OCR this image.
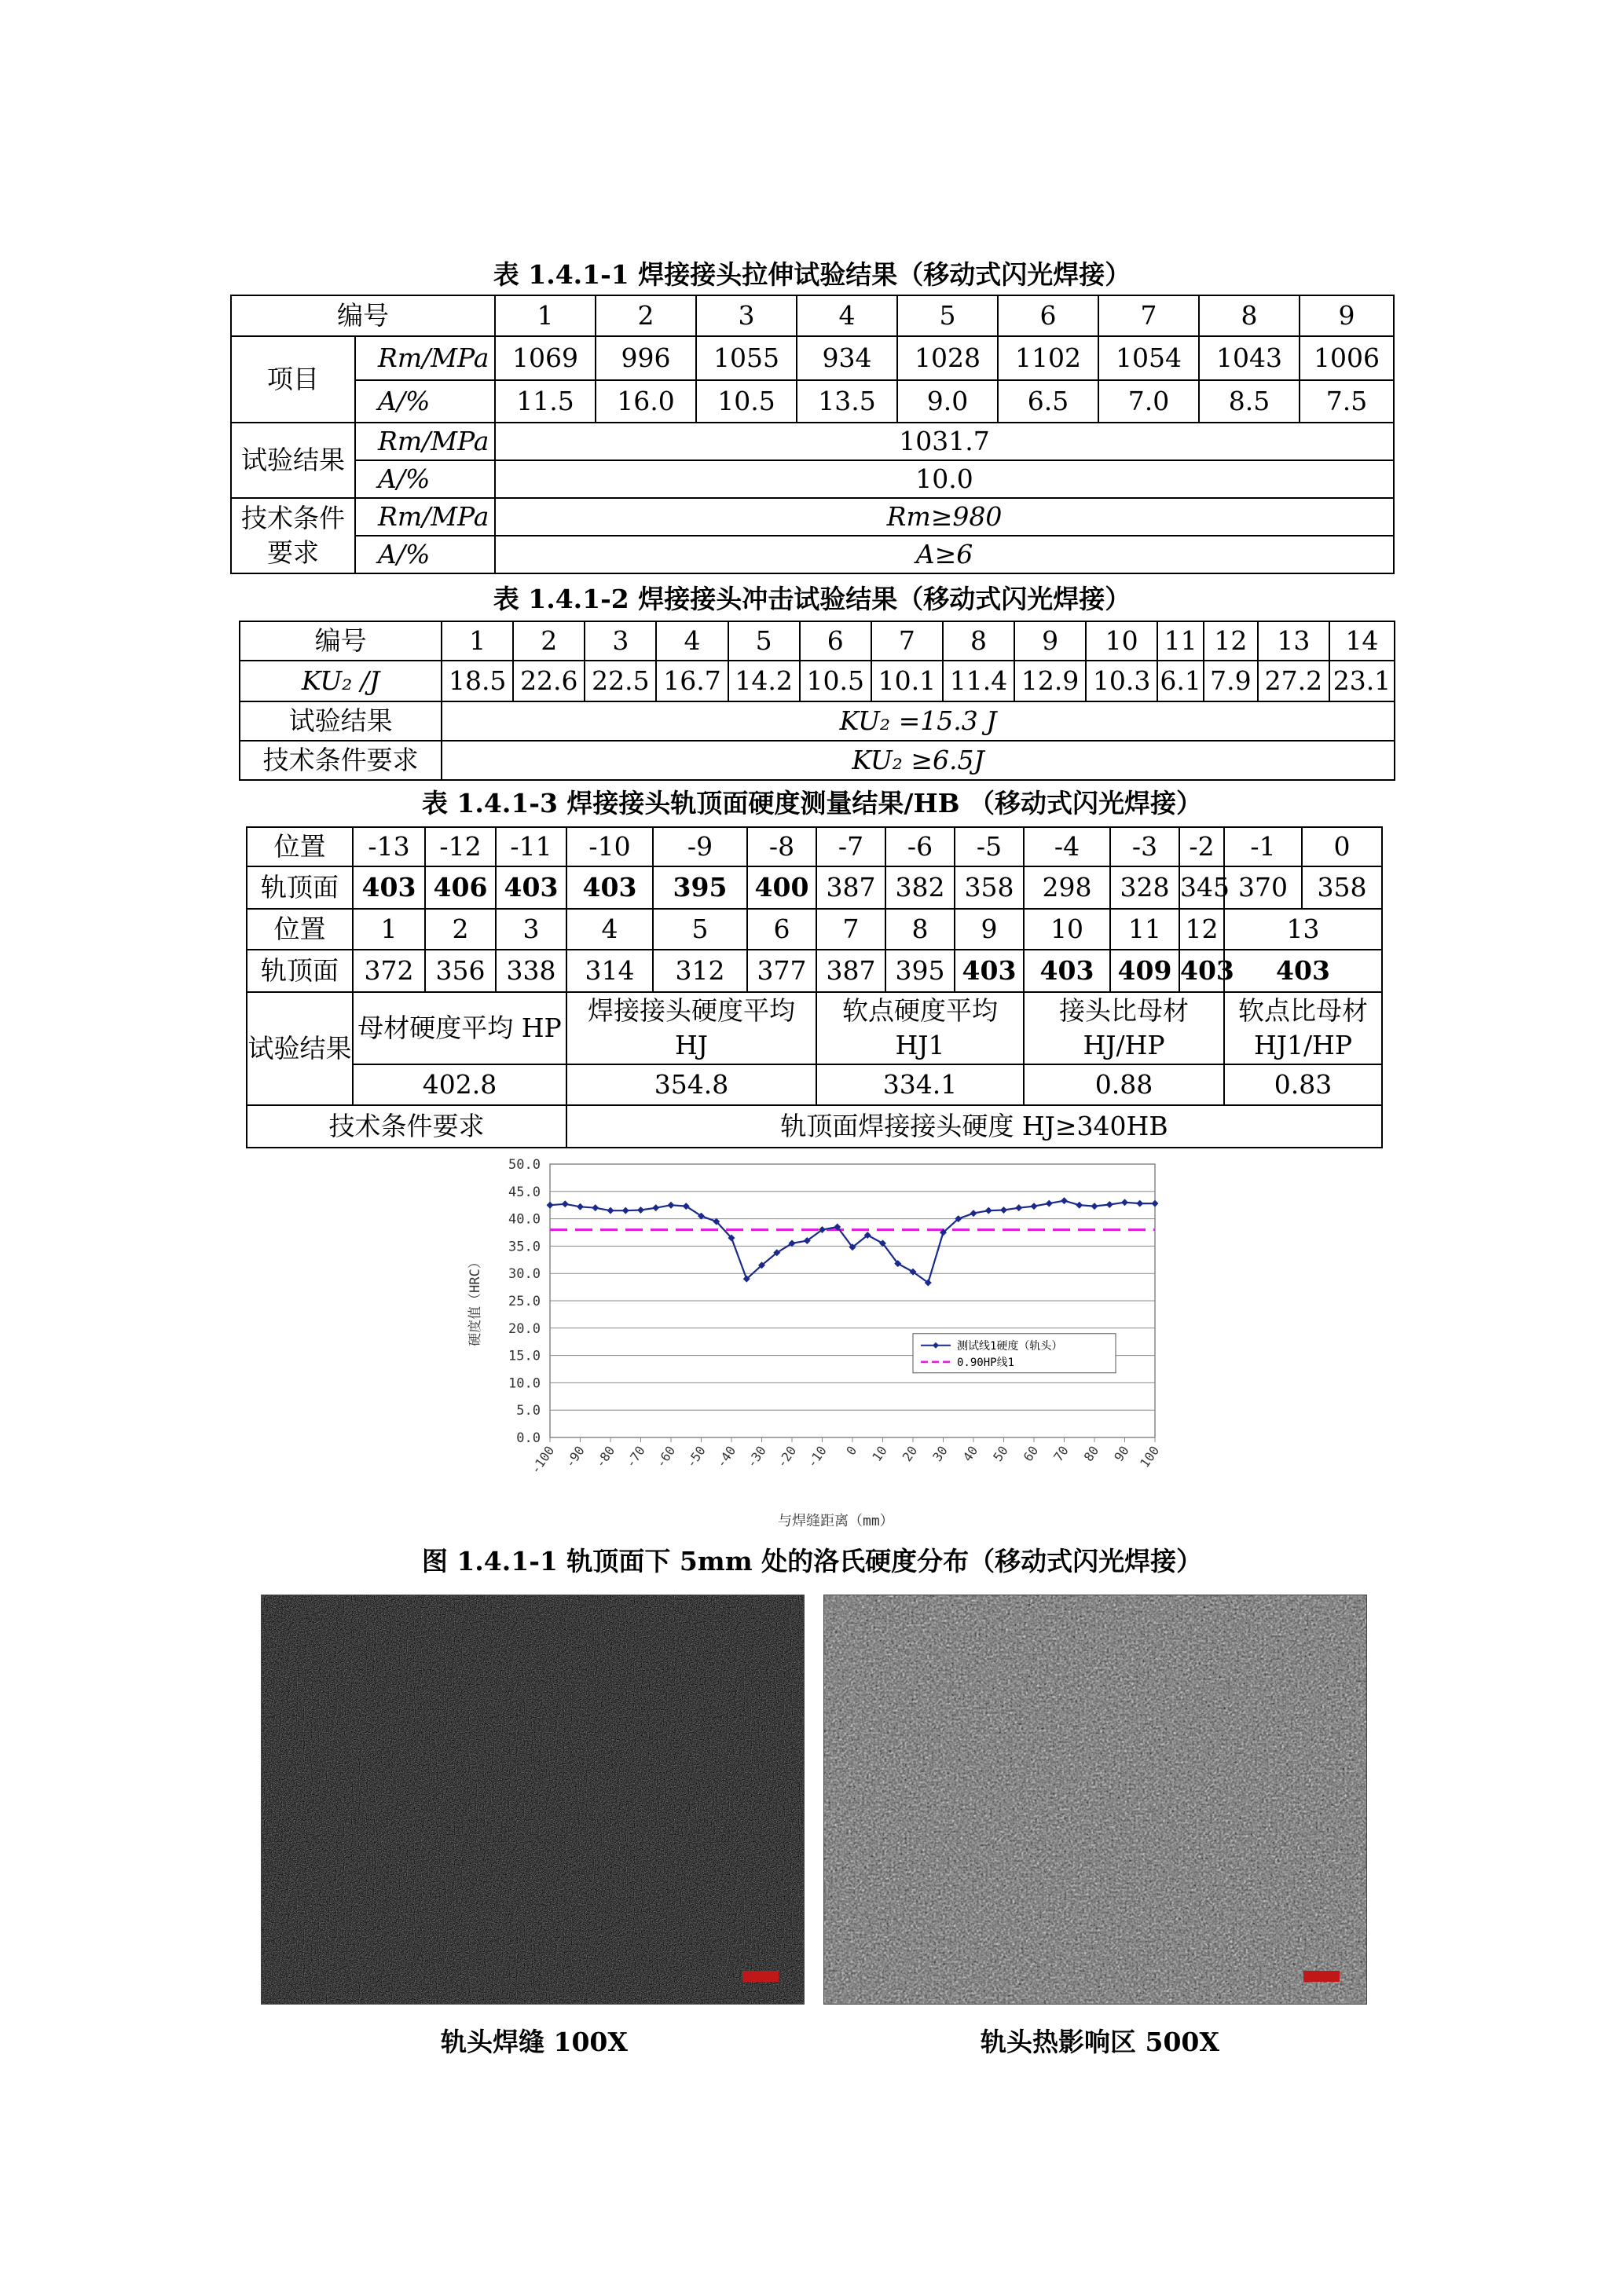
表 1.4.1-1 焊接接头拉伸试验结果（移动式闪光焊接）
编号		1	2	3	4	5	6	7	8	9
项目	Rm/MPa	1069	996	1055	934	1028	1102	1054	1043	1006
	A/%	11.5	16.0	10.5	13.5	9.0	6.5	7.0	8.5	7.5
试验结果	Rm/MPa	1031.7								
	A/%	10.0								
技术条件要求	Rm/MPa	Rm≥980								
	A/%	A≥6								
表 1.4.1-2 焊接接头冲击试验结果（移动式闪光焊接）
编号	1	2	3	4	5	6	7	8	9	10	11	12	13	14
KU₂ /J	18.5	22.6	22.5	16.7	14.2	10.5	10.1	11.4	12.9	10.3	6.1	7.9	27.2	23.1
试验结果	KU₂ =15.3 J													
技术条件要求	KU₂ ≥6.5J													
表 1.4.1-3 焊接接头轨顶面硬度测量结果/HB （移动式闪光焊接）
位置	-13	-12	-11	-10	-9	-8	-7	-6	-5	-4	-3	-2	-1	0
轨顶面	403	406	403	403	395	400	387	382	358	298	328	345	370	358
位置	1	2	3	4	5	6	7	8	9	10	11	12	13	
轨顶面	372	356	338	314	312	377	387	395	403	403	409	403	403	
试验结果	母材硬度平均 HP			焊接接头硬度平均 HJ			软点硬度平均 HJ1			接头比母材 HJ/HP			软点比母材 HJ1/HP	
	402.8			354.8			334.1			0.88			0.83	
技术条件要求				轨顶面焊接接头硬度 HJ≥340HB										
0.0
5.0
10.0
15.0
20.0
25.0
30.0
35.0
40.0
45.0
50.0
-100 -90 -80 -70 -60 -50 -40 -30 -20 -10 0 10 20 30 40 50 60 70 80 90 100
硬度值（HRC）	测试线1硬度（轨头）
0.90HP线1
与焊缝距离（mm）
图 1.4.1-1 轨顶面下 5mm 处的洛氏硬度分布（移动式闪光焊接）
轨头焊缝 100X	轨头热影响区 500X
